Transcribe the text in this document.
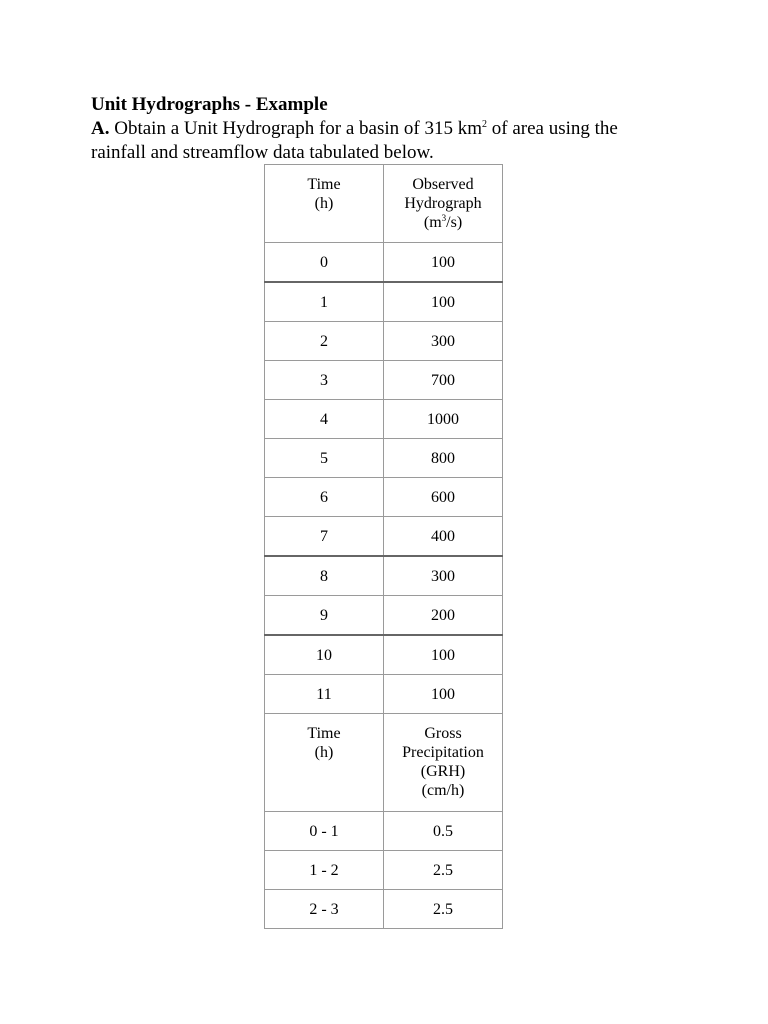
Unit Hydrographs - Example
A. Obtain a Unit Hydrograph for a basin of 315 $km^2$ of area using the
rainfall and streamflow data tabulated below.
Time
(h)	Observed
Hydrograph
$(m^3/s)$

0	100
1	100
2	300
3	700
4	1000
5	800
6	600
7	400
8	300
9	200
10	100
11	100

Time
(h)	Gross
Precipitation
(GRH)
(cm/h)

0 - 1	0.5
1 - 2	2.5
2 - 3	2.5
